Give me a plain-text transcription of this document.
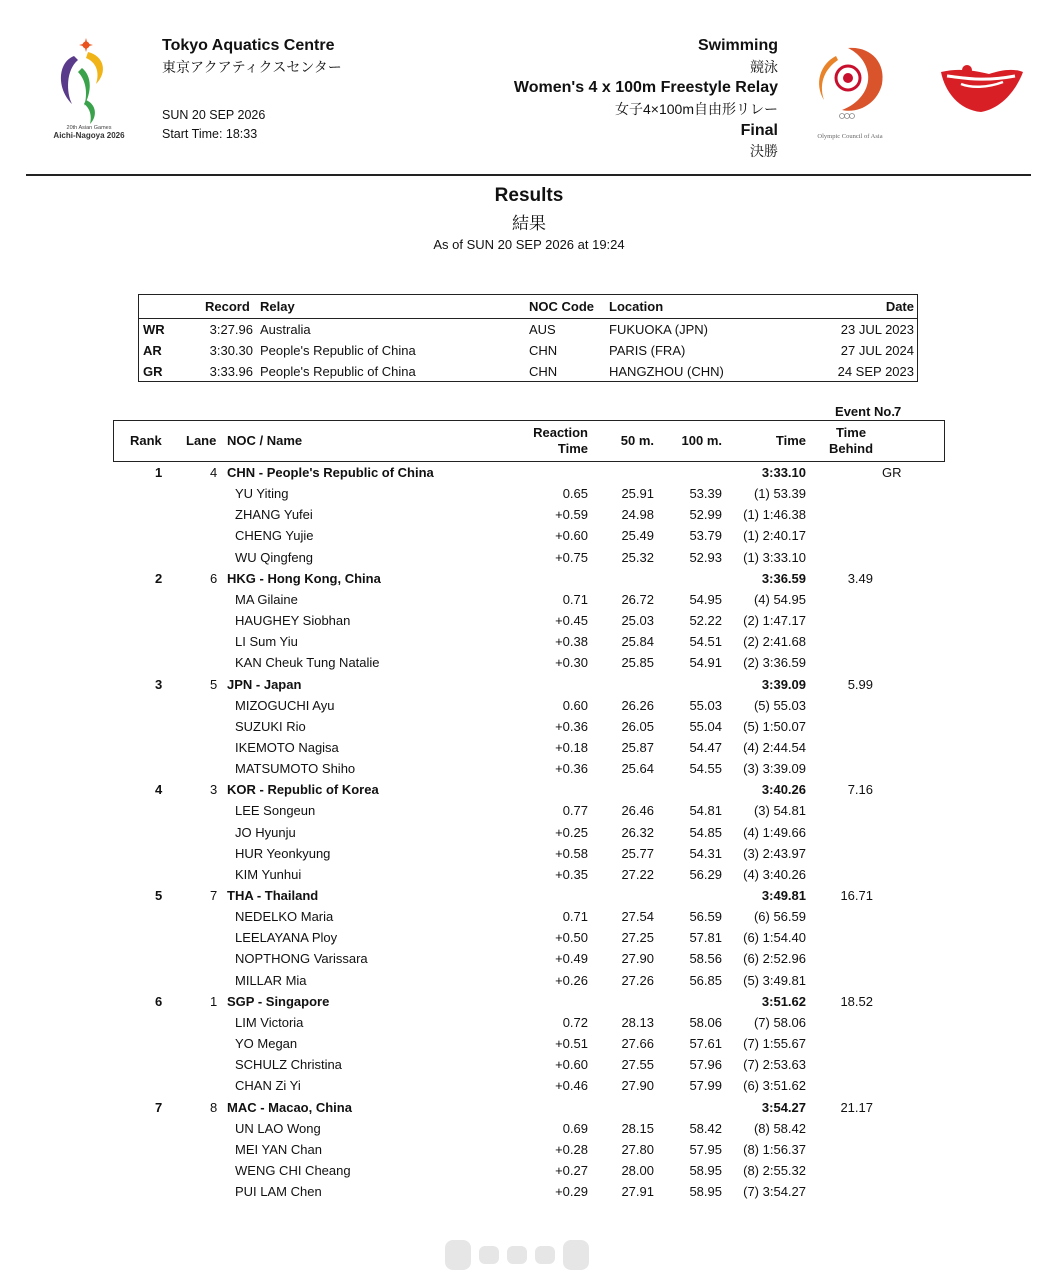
20th Asian Games
Aichi-Nagoya 2026
Tokyo Aquatics Centre
東京アクアティクスセンター
SUN 20 SEP 2026
Start Time: 18:33
Swimming
競泳
Women's 4 x 100m Freestyle Relay
女子4×100m自由形リレー
Final
決勝
Olympic Council of Asia
Results
結果
As of SUN 20 SEP 2026 at 19:24
Record Relay	NOC Code Location	Date
WR	3:27.96 Australia	AUS	FUKUOKA (JPN)	23 JUL 2023
AR	3:30.30 People's Republic of China	CHN	PARIS (FRA)	27 JUL 2024
GR	3:33.96 People's Republic of China	CHN	HANGZHOU (CHN)	24 SEP 2023
Event No. 7
Rank Lane NOC / Name
Reaction
Time
50 m. 100 m.	Time
Time
Behind
1	4 CHN - People's Republic of China	3:33.10	GR
YU Yiting	0.65	25.91	53.39 (1) 53.39
ZHANG Yufei	+0.59	24.98	52.99 (1) 1:46.38
CHENG Yujie	+0.60	25.49	53.79 (1) 2:40.17
WU Qingfeng	+0.75	25.32	52.93 (1) 3:33.10
2	6 HKG - Hong Kong, China	3:36.59	3.49
MA Gilaine	0.71	26.72	54.95 (4) 54.95
HAUGHEY Siobhan	+0.45	25.03	52.22 (2) 1:47.17
LI Sum Yiu	+0.38	25.84	54.51 (2) 2:41.68
KAN Cheuk Tung Natalie	+0.30	25.85	54.91 (2) 3:36.59
3	5 JPN - Japan	3:39.09	5.99
MIZOGUCHI Ayu	0.60	26.26	55.03 (5) 55.03
SUZUKI Rio	+0.36	26.05	55.04 (5) 1:50.07
IKEMOTO Nagisa	+0.18	25.87	54.47 (4) 2:44.54
MATSUMOTO Shiho	+0.36	25.64	54.55 (3) 3:39.09
4	3 KOR - Republic of Korea	3:40.26	7.16
LEE Songeun	0.77	26.46	54.81 (3) 54.81
JO Hyunju	+0.25	26.32	54.85 (4) 1:49.66
HUR Yeonkyung	+0.58	25.77	54.31 (3) 2:43.97
KIM Yunhui	+0.35	27.22	56.29 (4) 3:40.26
5	7 THA - Thailand	3:49.81	16.71
NEDELKO Maria	0.71	27.54	56.59 (6) 56.59
LEELAYANA Ploy	+0.50	27.25	57.81 (6) 1:54.40
NOPTHONG Varissara	+0.49	27.90	58.56 (6) 2:52.96
MILLAR Mia	+0.26	27.26	56.85 (5) 3:49.81
6	1 SGP - Singapore	3:51.62	18.52
LIM Victoria	0.72	28.13	58.06 (7) 58.06
YO Megan	+0.51	27.66	57.61 (7) 1:55.67
SCHULZ Christina	+0.60	27.55	57.96 (7) 2:53.63
CHAN Zi Yi	+0.46	27.90	57.99 (6) 3:51.62
7	8 MAC - Macao, China	3:54.27	21.17
UN LAO Wong	0.69	28.15	58.42 (8) 58.42
MEI YAN Chan	+0.28	27.80	57.95 (8) 1:56.37
WENG CHI Cheang	+0.27	28.00	58.95 (8) 2:55.32
PUI LAM Chen	+0.29	27.91	58.95 (7) 3:54.27
